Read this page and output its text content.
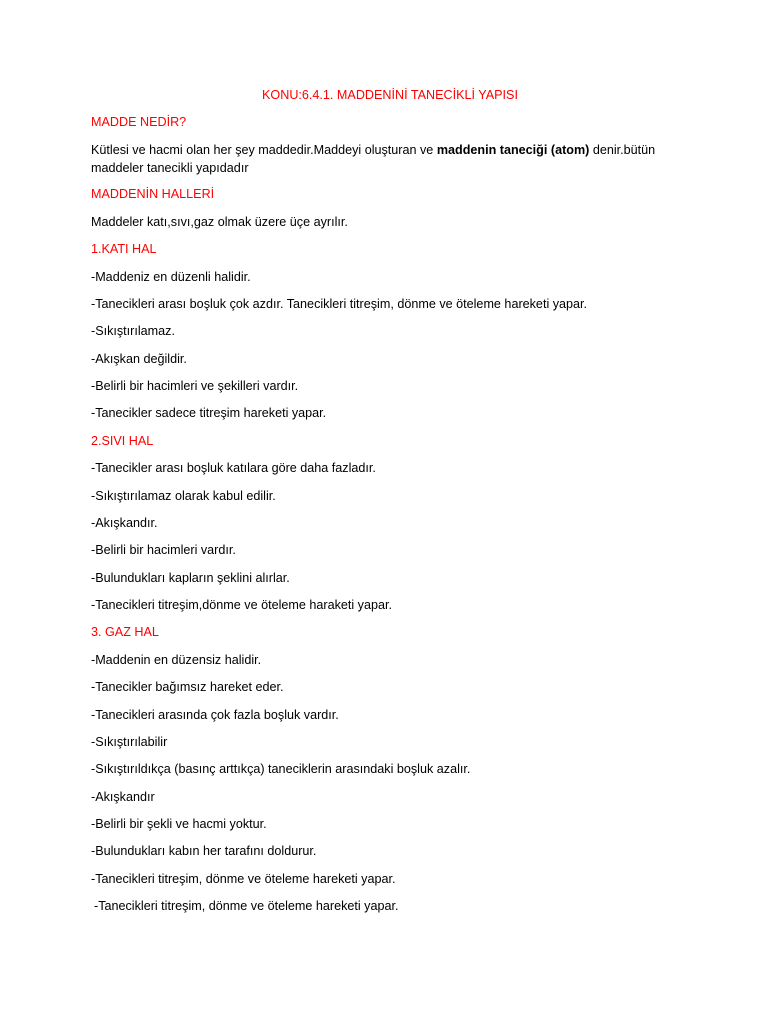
KONU:6.4.1. MADDENİNİ TANECİKLİ YAPISI
MADDE NEDİR?
Kütlesi ve hacmi olan her şey maddedir.Maddeyi oluşturan ve maddenin taneciği (atom) denir.bütün
maddeler tanecikli yapıdadır
MADDENİN HALLERİ
Maddeler katı,sıvı,gaz olmak üzere üçe ayrılır.
1.KATI HAL
-Maddeniz en düzenli halidir.
-Tanecikleri arası boşluk çok azdır. Tanecikleri titreşim, dönme ve öteleme hareketi yapar.
-Sıkıştırılamaz.
-Akışkan değildir.
-Belirli bir hacimleri ve şekilleri vardır.
-Tanecikler sadece titreşim hareketi yapar.
2.SIVI HAL
-Tanecikler arası boşluk katılara göre daha fazladır.
-Sıkıştırılamaz olarak kabul edilir.
-Akışkandır.
-Belirli bir hacimleri vardır.
-Bulundukları kapların şeklini alırlar.
-Tanecikleri titreşim,dönme ve öteleme haraketi yapar.
3. GAZ HAL
-Maddenin en düzensiz halidir.
-Tanecikler bağımsız hareket eder.
-Tanecikleri arasında çok fazla boşluk vardır.
-Sıkıştırılabilir
-Sıkıştırıldıkça (basınç arttıkça) taneciklerin arasındaki boşluk azalır.
-Akışkandır
-Belirli bir şekli ve hacmi yoktur.
-Bulundukları kabın her tarafını doldurur.
-Tanecikleri titreşim, dönme ve öteleme hareketi yapar.
-Tanecikleri titreşim, dönme ve öteleme hareketi yapar.
